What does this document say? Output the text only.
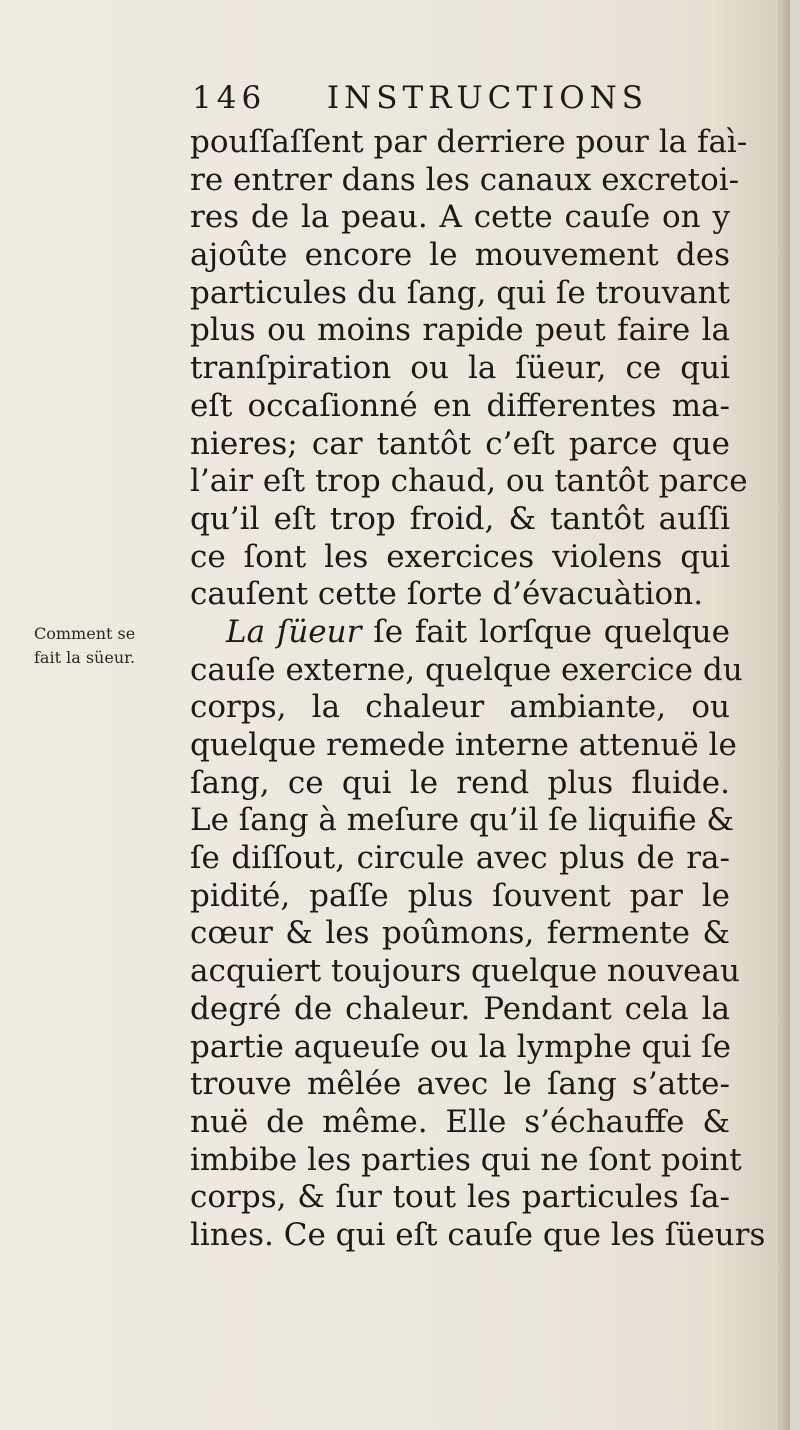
146 INSTRUCTIONS
Comment se
fait la süeur.
pouſſaſſent par derriere pour la faì-
re entrer dans les canaux excretoi-
res de la peau. A cette cauſe on y
ajoûte encore le mouvement des
particules du ſang, qui ſe trouvant
plus ou moins rapide peut faire la
tranſpiration ou la ſüeur, ce qui
eſt occaſionné en differentes ma-
nieres; car tantôt c’eſt parce que
l’air eſt trop chaud, ou tantôt parce
qu’il eſt trop froid, & tantôt auſſi
ce ſont les exercices violens qui
cauſent cette ſorte d’évacuàtion.
La ſüeur ſe fait lorſque quelque
cauſe externe, quelque exercice du
corps, la chaleur ambiante, ou
quelque remede interne attenuë le
ſang, ce qui le rend plus fluide.
Le ſang à meſure qu’il ſe liquifie &
ſe diſſout, circule avec plus de ra-
pidité, paſſe plus ſouvent par le
cœur & les poûmons, fermente &
acquiert toujours quelque nouveau
degré de chaleur. Pendant cela la
partie aqueuſe ou la lymphe qui ſe
trouve mêlée avec le ſang s’atte-
nuë de même. Elle s’échauffe &
imbibe les parties qui ne ſont point
corps, & ſur tout les particules ſa-
lines. Ce qui eſt cauſe que les ſüeurs
